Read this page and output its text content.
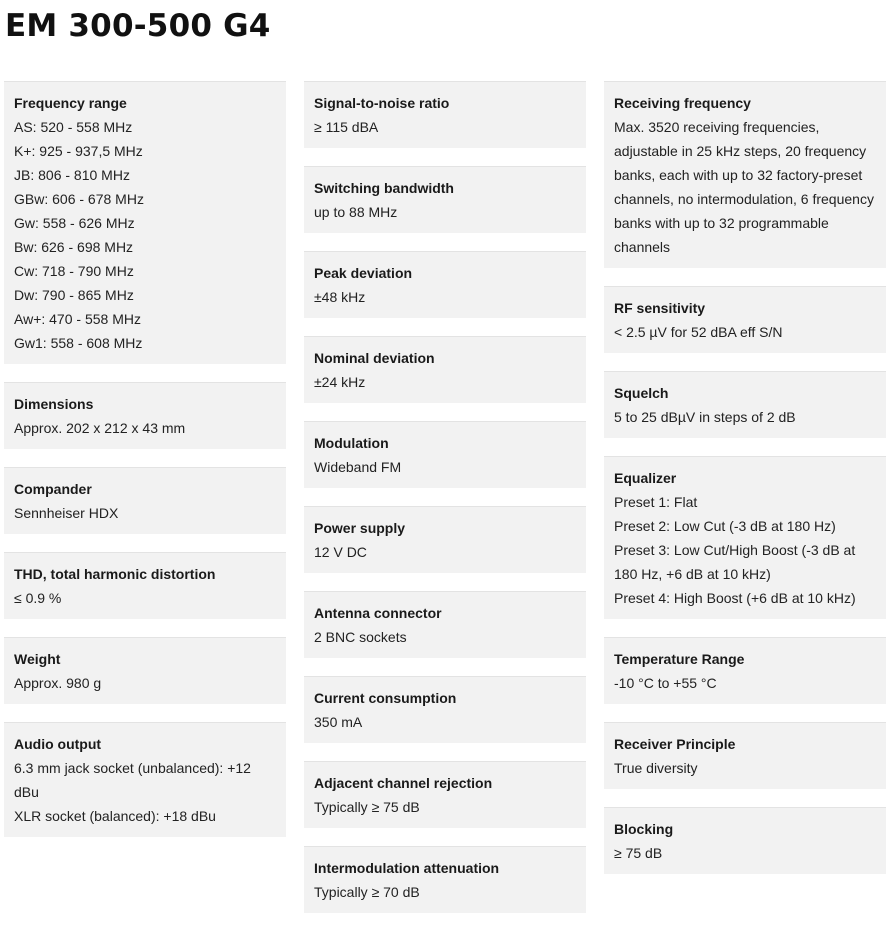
EM 300-500 G4
Frequency range
AS: 520 - 558 MHz
K+: 925 - 937,5 MHz
JB: 806 - 810 MHz
GBw: 606 - 678 MHz
Gw: 558 - 626 MHz
Bw: 626 - 698 MHz
Cw: 718 - 790 MHz
Dw: 790 - 865 MHz
Aw+: 470 - 558 MHz
Gw1: 558 - 608 MHz
Dimensions
Approx. 202 x 212 x 43 mm
Compander
Sennheiser HDX
THD, total harmonic distortion
≤ 0.9 %
Weight
Approx. 980 g
Audio output
6.3 mm jack socket (unbalanced): +12 dBu
XLR socket (balanced): +18 dBu
Signal-to-noise ratio
≥ 115 dBA
Switching bandwidth
up to 88 MHz
Peak deviation
±48 kHz
Nominal deviation
±24 kHz
Modulation
Wideband FM
Power supply
12 V DC
Antenna connector
2 BNC sockets
Current consumption
350 mA
Adjacent channel rejection
Typically ≥ 75 dB
Intermodulation attenuation
Typically ≥ 70 dB
Receiving frequency
Max. 3520 receiving frequencies, adjustable in 25 kHz steps, 20 frequency banks, each with up to 32 factory-preset channels, no intermodulation, 6 frequency banks with up to 32 programmable channels
RF sensitivity
< 2.5 µV for 52 dBA eff S/N
Squelch
5 to 25 dBµV in steps of 2 dB
Equalizer
Preset 1: Flat
Preset 2: Low Cut (-3 dB at 180 Hz)
Preset 3: Low Cut/High Boost (-3 dB at 180 Hz, +6 dB at 10 kHz)
Preset 4: High Boost (+6 dB at 10 kHz)
Temperature Range
-10 °C to +55 °C
Receiver Principle
True diversity
Blocking
≥ 75 dB
